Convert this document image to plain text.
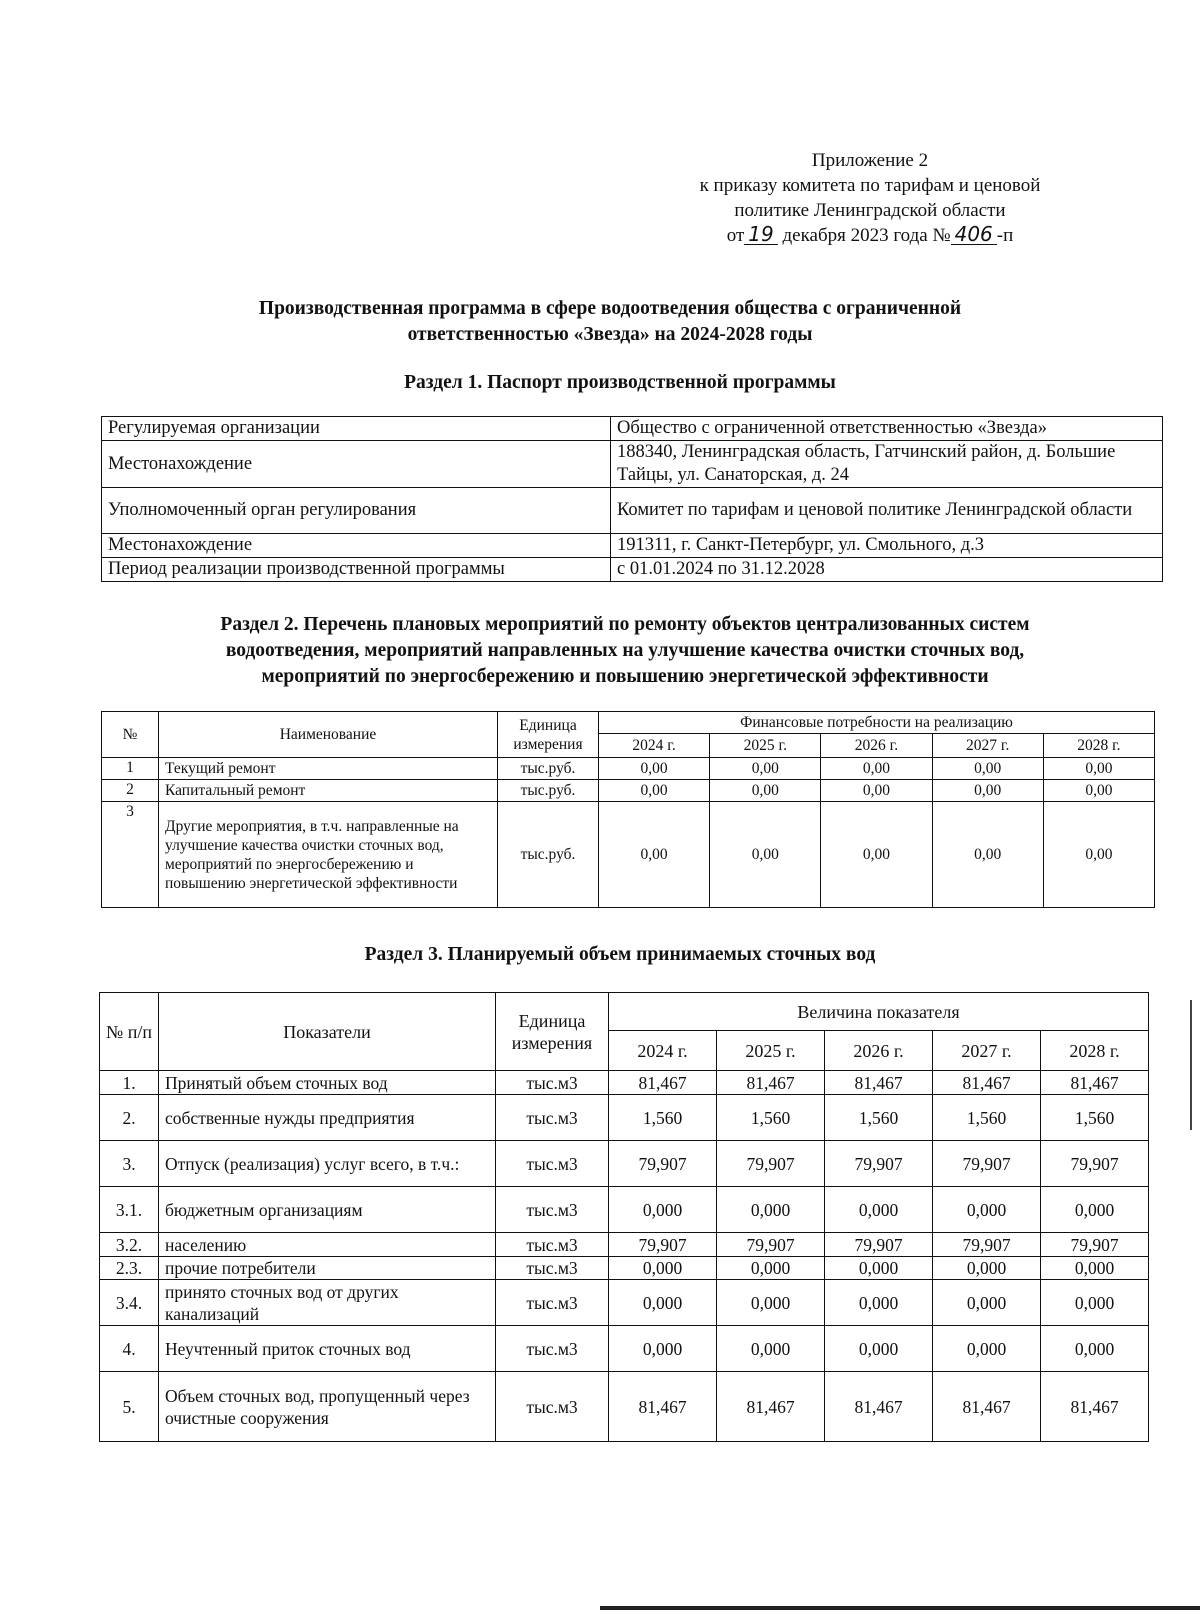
Приложение 2
к приказу комитета по тарифам и ценовой
политике Ленинградской области
от 19 декабря 2023 года № 406 -п
Производственная программа в сфере водоотведения общества с ограниченной
ответственностью «Звезда» на 2024-2028 годы
Раздел 1. Паспорт производственной программы
Регулируемая организации	Общество с ограниченной ответственностью «Звезда»
Местонахождение	188340, Ленинградская область, Гатчинский район, д. Большие Тайцы, ул. Санаторская, д. 24
Уполномоченный орган регулирования	Комитет по тарифам и ценовой политике Ленинградской области
Местонахождение	191311, г. Санкт-Петербург, ул. Смольного, д.3
Период реализации производственной программы	с 01.01.2024 по 31.12.2028
Раздел 2. Перечень плановых мероприятий по ремонту объектов централизованных систем
водоотведения, мероприятий направленных на улучшение качества очистки сточных вод,
мероприятий по энергосбережению и повышению энергетической эффективности
№	Наименование	Единица измерения	Финансовые потребности на реализацию				
			2024 г.	2025 г.	2026 г.	2027 г.	2028 г.
1	Текущий ремонт	тыс.руб.	0,00	0,00	0,00	0,00	0,00
2	Капитальный ремонт	тыс.руб.	0,00	0,00	0,00	0,00	0,00
3	Другие мероприятия, в т.ч. направленные на улучшение качества очистки сточных вод, мероприятий по энергосбережению и повышению энергетической эффективности	тыс.руб.	0,00	0,00	0,00	0,00	0,00
Раздел 3. Планируемый объем принимаемых сточных вод
№ п/п	Показатели	Единица измерения	Величина показателя				
			2024 г.	2025 г.	2026 г.	2027 г.	2028 г.
1.	Принятый объем сточных вод	тыс.м3	81,467	81,467	81,467	81,467	81,467
2.	собственные нужды предприятия	тыс.м3	1,560	1,560	1,560	1,560	1,560
3.	Отпуск (реализация) услуг всего, в т.ч.:	тыс.м3	79,907	79,907	79,907	79,907	79,907
3.1.	бюджетным организациям	тыс.м3	0,000	0,000	0,000	0,000	0,000
3.2.	населению	тыс.м3	79,907	79,907	79,907	79,907	79,907
2.3.	прочие потребители	тыс.м3	0,000	0,000	0,000	0,000	0,000
3.4.	принято сточных вод от других канализаций	тыс.м3	0,000	0,000	0,000	0,000	0,000
4.	Неучтенный приток сточных вод	тыс.м3	0,000	0,000	0,000	0,000	0,000
5.	Объем сточных вод, пропущенный через очистные сооружения	тыс.м3	81,467	81,467	81,467	81,467	81,467
